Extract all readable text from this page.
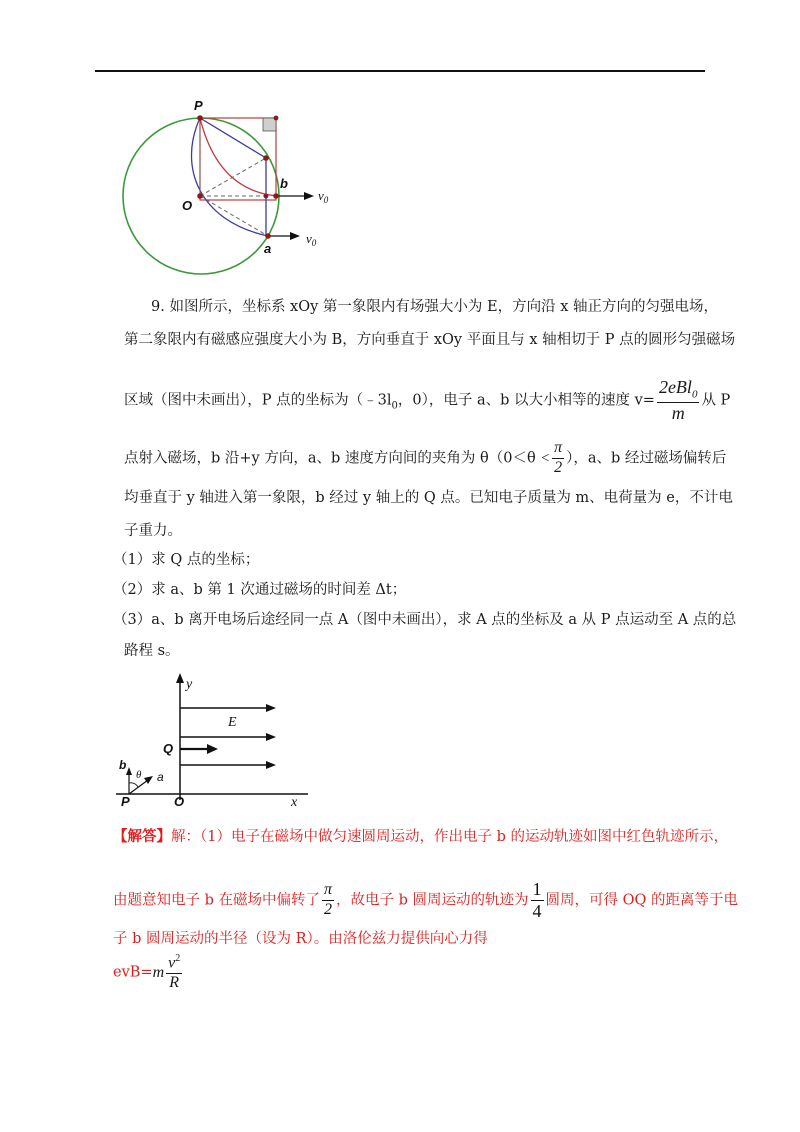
P
O
b
a
$v_0$
$v_0$
9. 如图所示，坐标系 xOy 第一象限内有场强大小为 E，方向沿 x 轴正方向的匀强电场，
第二象限内有磁感应强度大小为 B，方向垂直于 xOy 平面且与 x 轴相切于 P 点的圆形匀强磁场
区域（图中未画出），P 点的坐标为（$﹣3l_0$，0），电子 a、b 以大小相等的速度 $v= \frac{2eBl_0}{m}$ 从 P
点射入磁场，b 沿+y 方向，a、b 速度方向间的夹角为 $\theta(0<\theta < \frac{\pi}{2}$ ），a、b 经过磁场偏转后
均垂直于 y 轴进入第一象限，b 经过 y 轴上的 Q 点。已知电子质量为 m、电荷量为 e，不计电
子重力。
（1）求 Q 点的坐标；
（2）求 a、b 第 1 次通过磁场的时间差 Δt；
（3）a、b 离开电场后途经同一点 A（图中未画出），求 A 点的坐标及 a 从 P 点运动至 A 点的总
路程 s。
y
E
Q
b
θ a
P	O	x
【解答】解：（1）电子在磁场中做匀速圆周运动，作出电子 b 的运动轨迹如图中红色轨迹所示，
由题意知电子 b 在磁场中偏转了 $\frac{\pi}{2}$ ，故电子 b 圆周运动的轨迹为 $\frac{1}{4}$ 圆周，可得 OQ 的距离等于电
子 b 圆周运动的半径（设为 R）。由洛伦兹力提供向心力得
$evB=m \frac{v^2}{R}$
